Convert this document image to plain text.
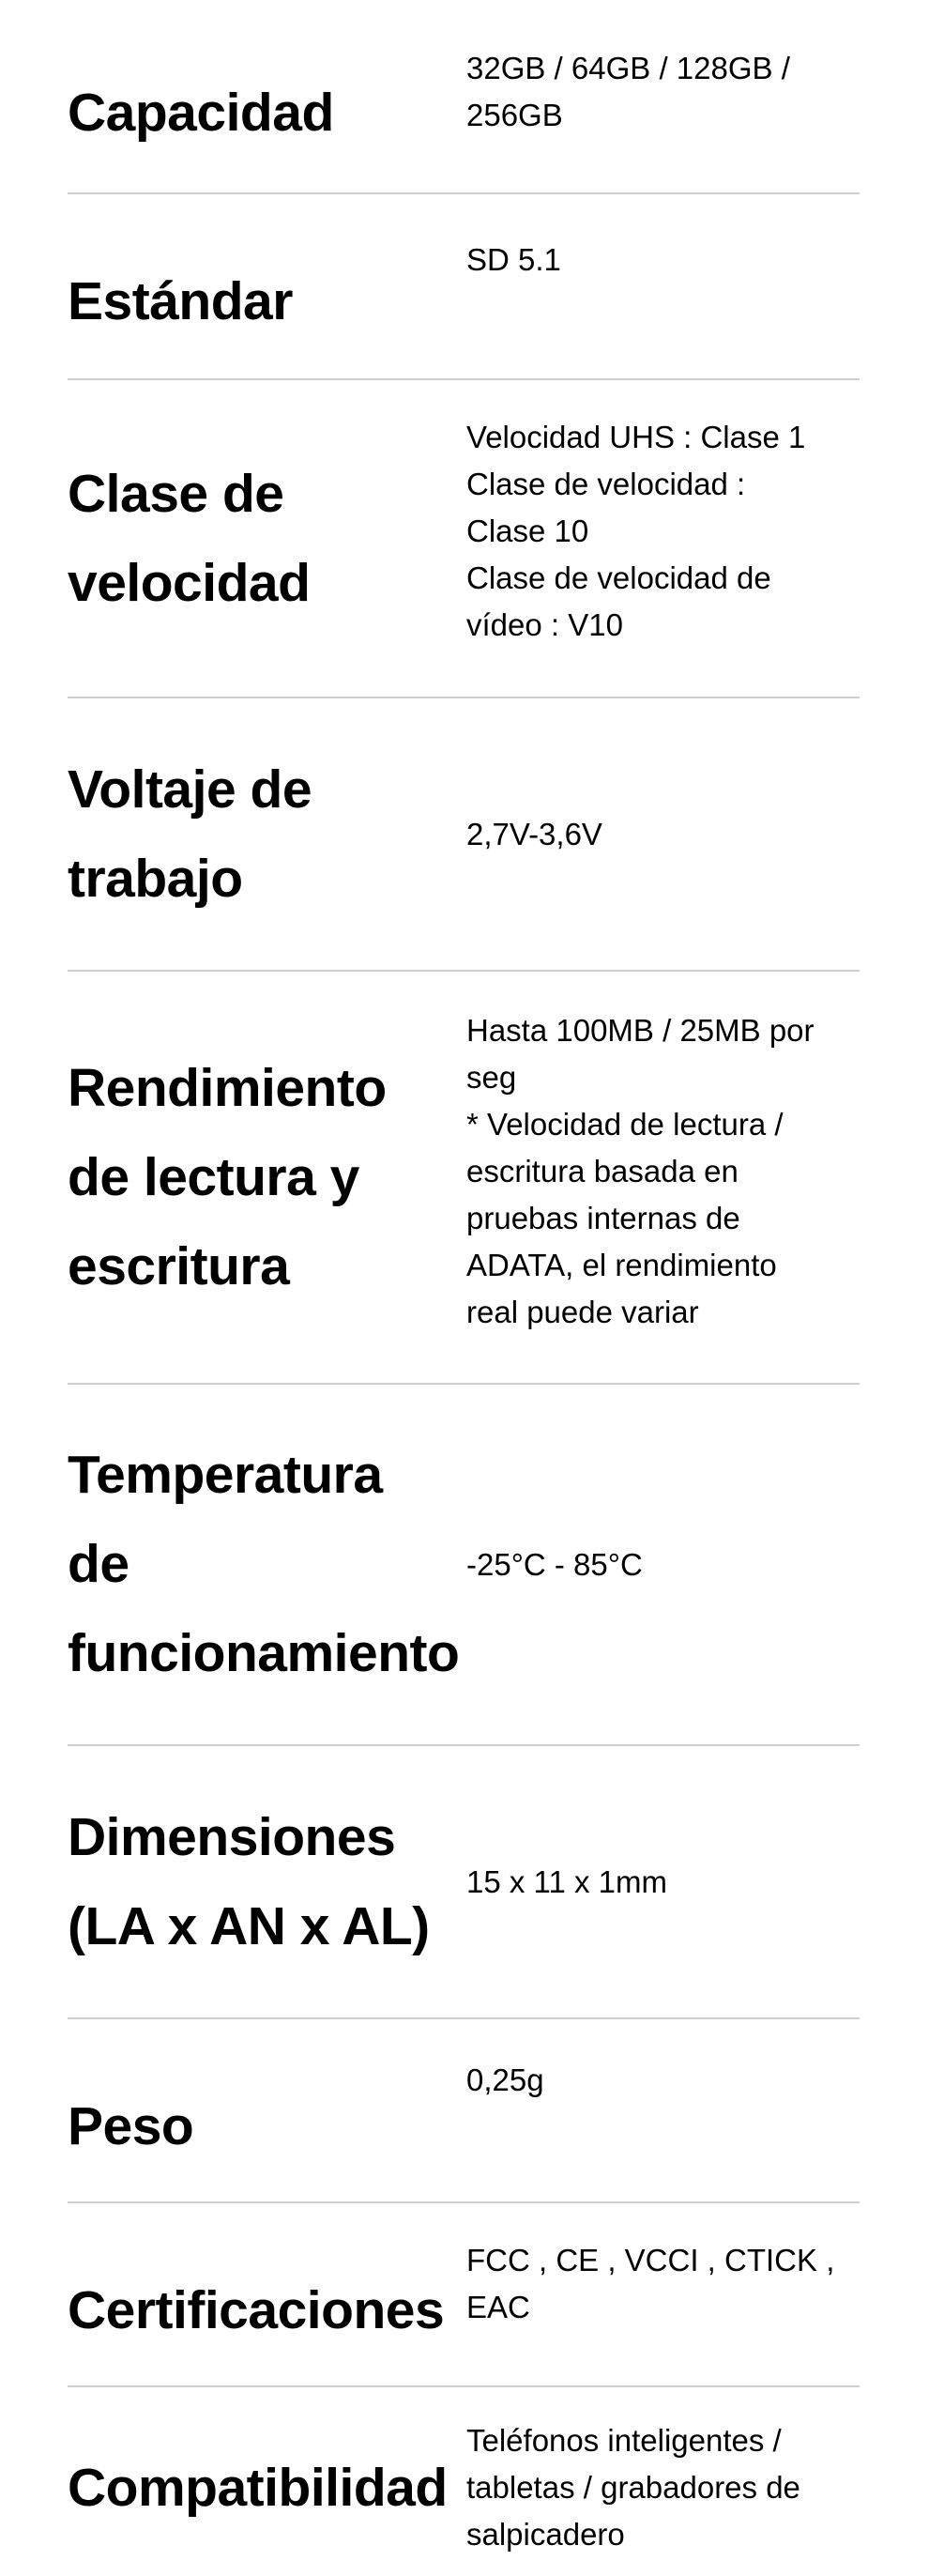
Capacidad
32GB / 64GB / 128GB /
256GB
Estándar
SD 5.1
Clase de
velocidad
Velocidad UHS : Clase 1
Clase de velocidad :
Clase 10
Clase de velocidad de
vídeo : V10
Voltaje de
trabajo
2,7V-3,6V
Rendimiento
de lectura y
escritura
Hasta 100MB / 25MB por
seg
* Velocidad de lectura /
escritura basada en
pruebas internas de
ADATA, el rendimiento
real puede variar
Temperatura
de
funcionamiento
-25°C - 85°C
Dimensiones
(LA x AN x AL)
15 x 11 x 1mm
Peso
0,25g
Certificaciones
FCC , CE , VCCI , CTICK ,
EAC
Compatibilidad
Teléfonos inteligentes /
tabletas / grabadores de
salpicadero
